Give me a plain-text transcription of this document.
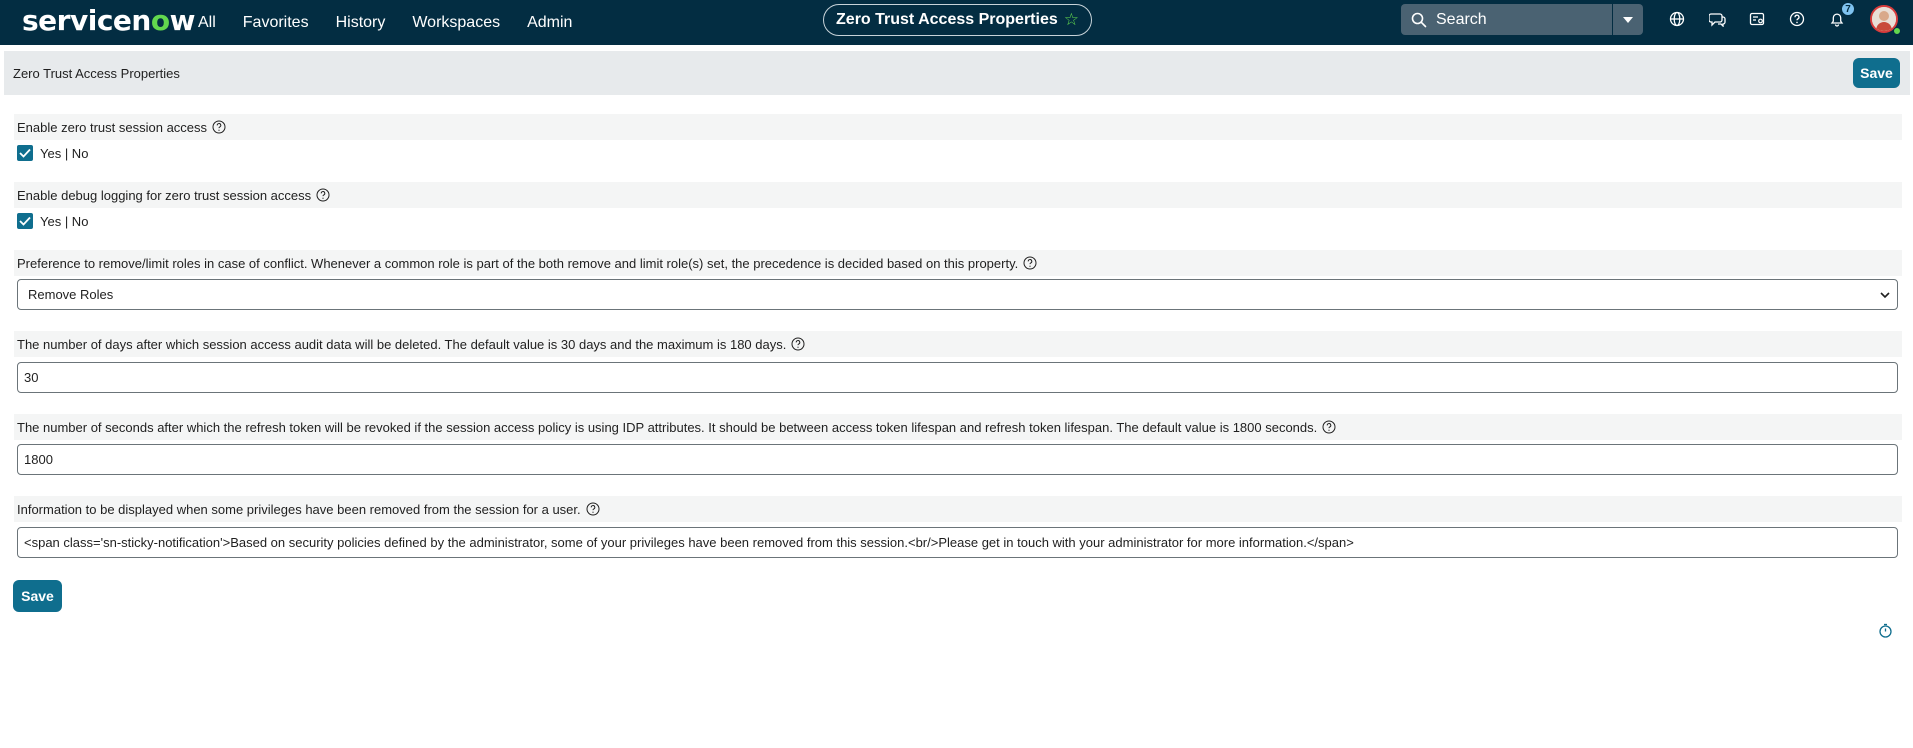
servicenow All Favorites History Workspaces Admin	Zero Trust Access Properties ☆	Search
7
Zero Trust Access Properties	Save
Enable zero trust session access
Yes | No
Enable debug logging for zero trust session access
Yes | No
Preference to remove/limit roles in case of conflict. Whenever a common role is part of the both remove and limit role(s) set, the precedence is decided based on this property.
Remove Roles
The number of days after which session access audit data will be deleted. The default value is 30 days and the maximum is 180 days.
30
The number of seconds after which the refresh token will be revoked if the session access policy is using IDP attributes. It should be between access token lifespan and refresh token lifespan. The default value is 1800 seconds.
1800
Information to be displayed when some privileges have been removed from the session for a user.
<span class='sn-sticky-notification'>Based on security policies defined by the administrator, some of your privileges have been removed from this session.<br/>Please get in touch with your administrator for more information.</span>
Save
